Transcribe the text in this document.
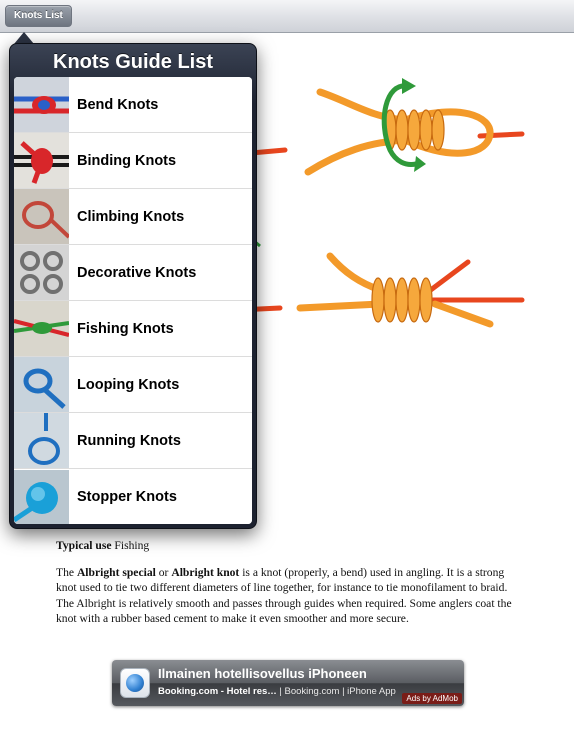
Knots List

Typical use Fishing

The Albright special or Albright knot is a knot (properly, a bend) used in angling. It is a strong knot used to tie two different diameters of line together, for instance to tie monofilament to braid. The Albright is relatively smooth and passes through guides when required. Some anglers coat the knot with a rubber based cement to make it even smoother and more secure.

Ilmainen hotellisovellus iPhoneen
Booking.com - Hotel res… | Booking.com | iPhone App
Ads by AdMob
Knots Guide List
Bend Knots
Binding Knots
Climbing Knots
Decorative Knots
Fishing Knots
Looping Knots
Running Knots
Stopper Knots
